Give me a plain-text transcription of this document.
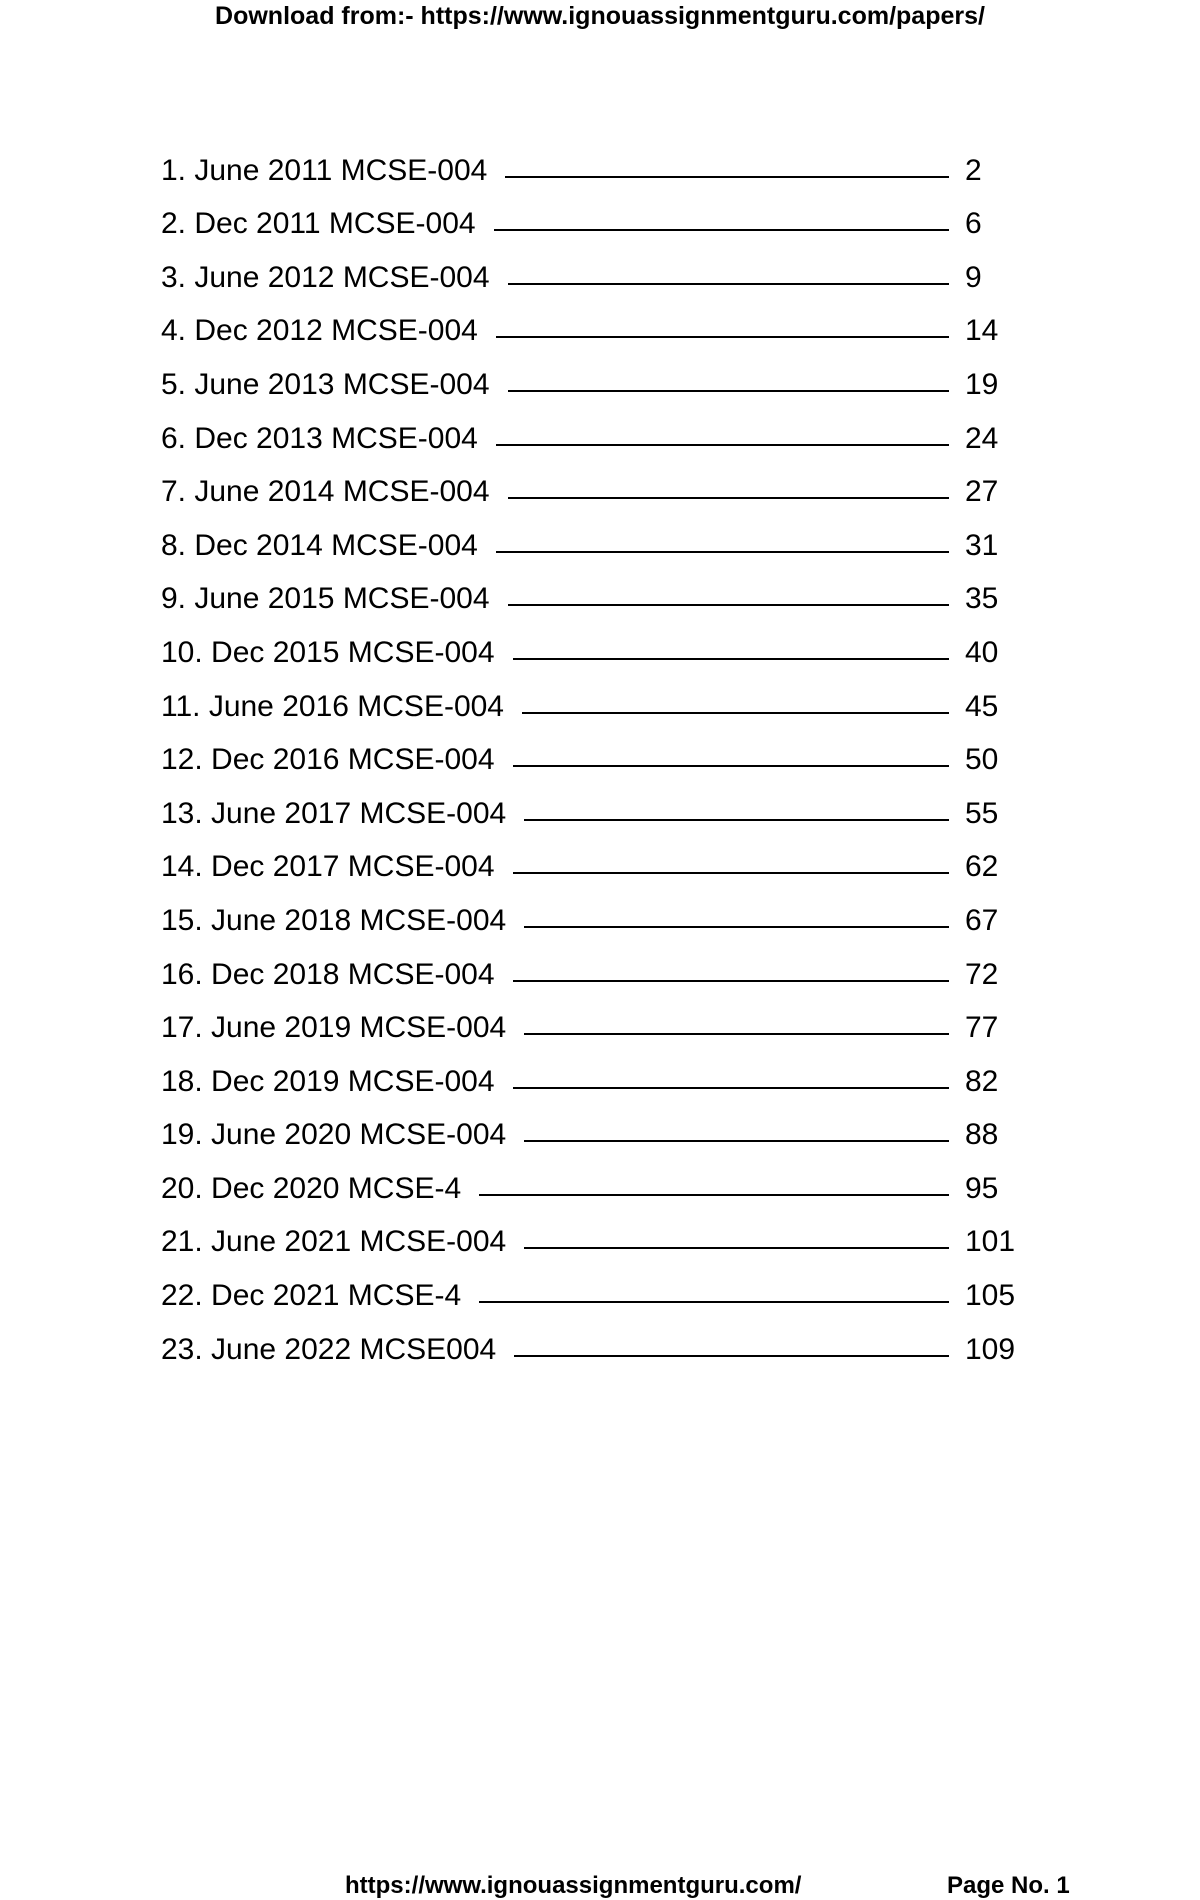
Download from:- https://www.ignouassignmentguru.com/papers/
1. June 2011 MCSE-004	2
2. Dec 2011 MCSE-004	6
3. June 2012 MCSE-004	9
4. Dec 2012 MCSE-004	14
5. June 2013 MCSE-004	19
6. Dec 2013 MCSE-004	24
7. June 2014 MCSE-004	27
8. Dec 2014 MCSE-004	31
9. June 2015 MCSE-004	35
10. Dec 2015 MCSE-004	40
11. June 2016 MCSE-004	45
12. Dec 2016 MCSE-004	50
13. June 2017 MCSE-004	55
14. Dec 2017 MCSE-004	62
15. June 2018 MCSE-004	67
16. Dec 2018 MCSE-004	72
17. June 2019 MCSE-004	77
18. Dec 2019 MCSE-004	82
19. June 2020 MCSE-004	88
20. Dec 2020 MCSE-4	95
21. June 2021 MCSE-004	101
22. Dec 2021 MCSE-4	105
23. June 2022 MCSE004	109
https://www.ignouassignmentguru.com/	Page No. 1
